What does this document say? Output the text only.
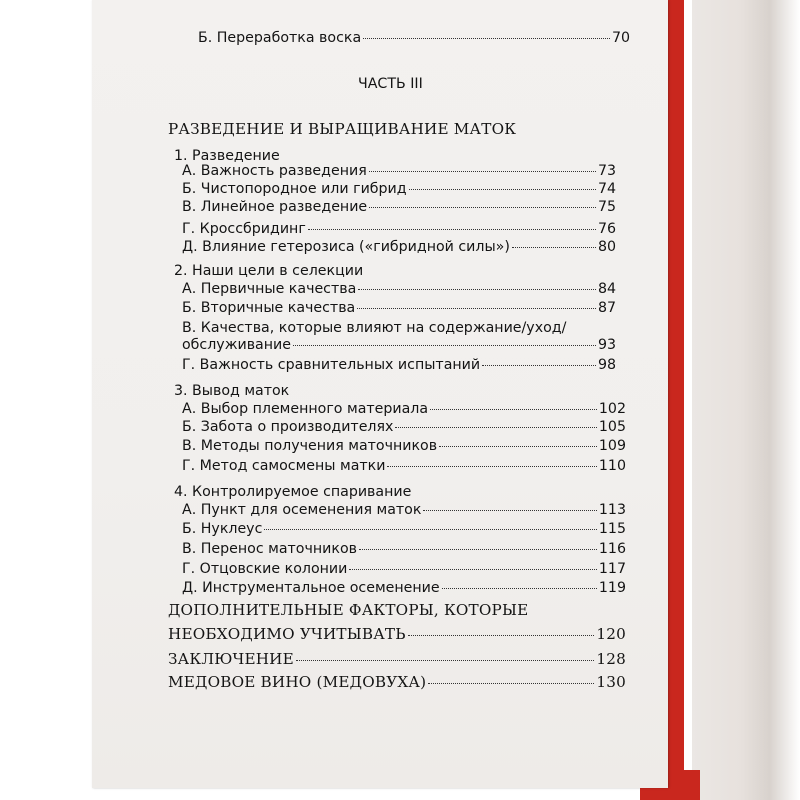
Б. Переработка воска	70
ЧАСТЬ III
РАЗВЕДЕНИЕ И ВЫРАЩИВАНИЕ МАТОК
1. Разведение
А. Важность разведения	73
Б. Чистопородное или гибрид	74
В. Линейное разведение	75
Г. Кроссбридинг	76
Д. Влияние гетерозиса («гибридной силы»)	80
2. Наши цели в селекции
А. Первичные качества	84
Б. Вторичные качества	87
В. Качества, которые влияют на содержание/уход/
обслуживание	93
Г. Важность сравнительных испытаний	98
3. Вывод маток
А. Выбор племенного материала	102
Б. Забота о производителях	105
В. Методы получения маточников	109
Г. Метод самосмены матки	110
4. Контролируемое спаривание
А. Пункт для осеменения маток	113
Б. Нуклеус	115
В. Перенос маточников	116
Г. Отцовские колонии	117
Д. Инструментальное осеменение	119
ДОПОЛНИТЕЛЬНЫЕ ФАКТОРЫ, КОТОРЫЕ
НЕОБХОДИМО УЧИТЫВАТЬ	120
ЗАКЛЮЧЕНИЕ	128
МЕДОВОЕ ВИНО (МЕДОВУХА)	130
